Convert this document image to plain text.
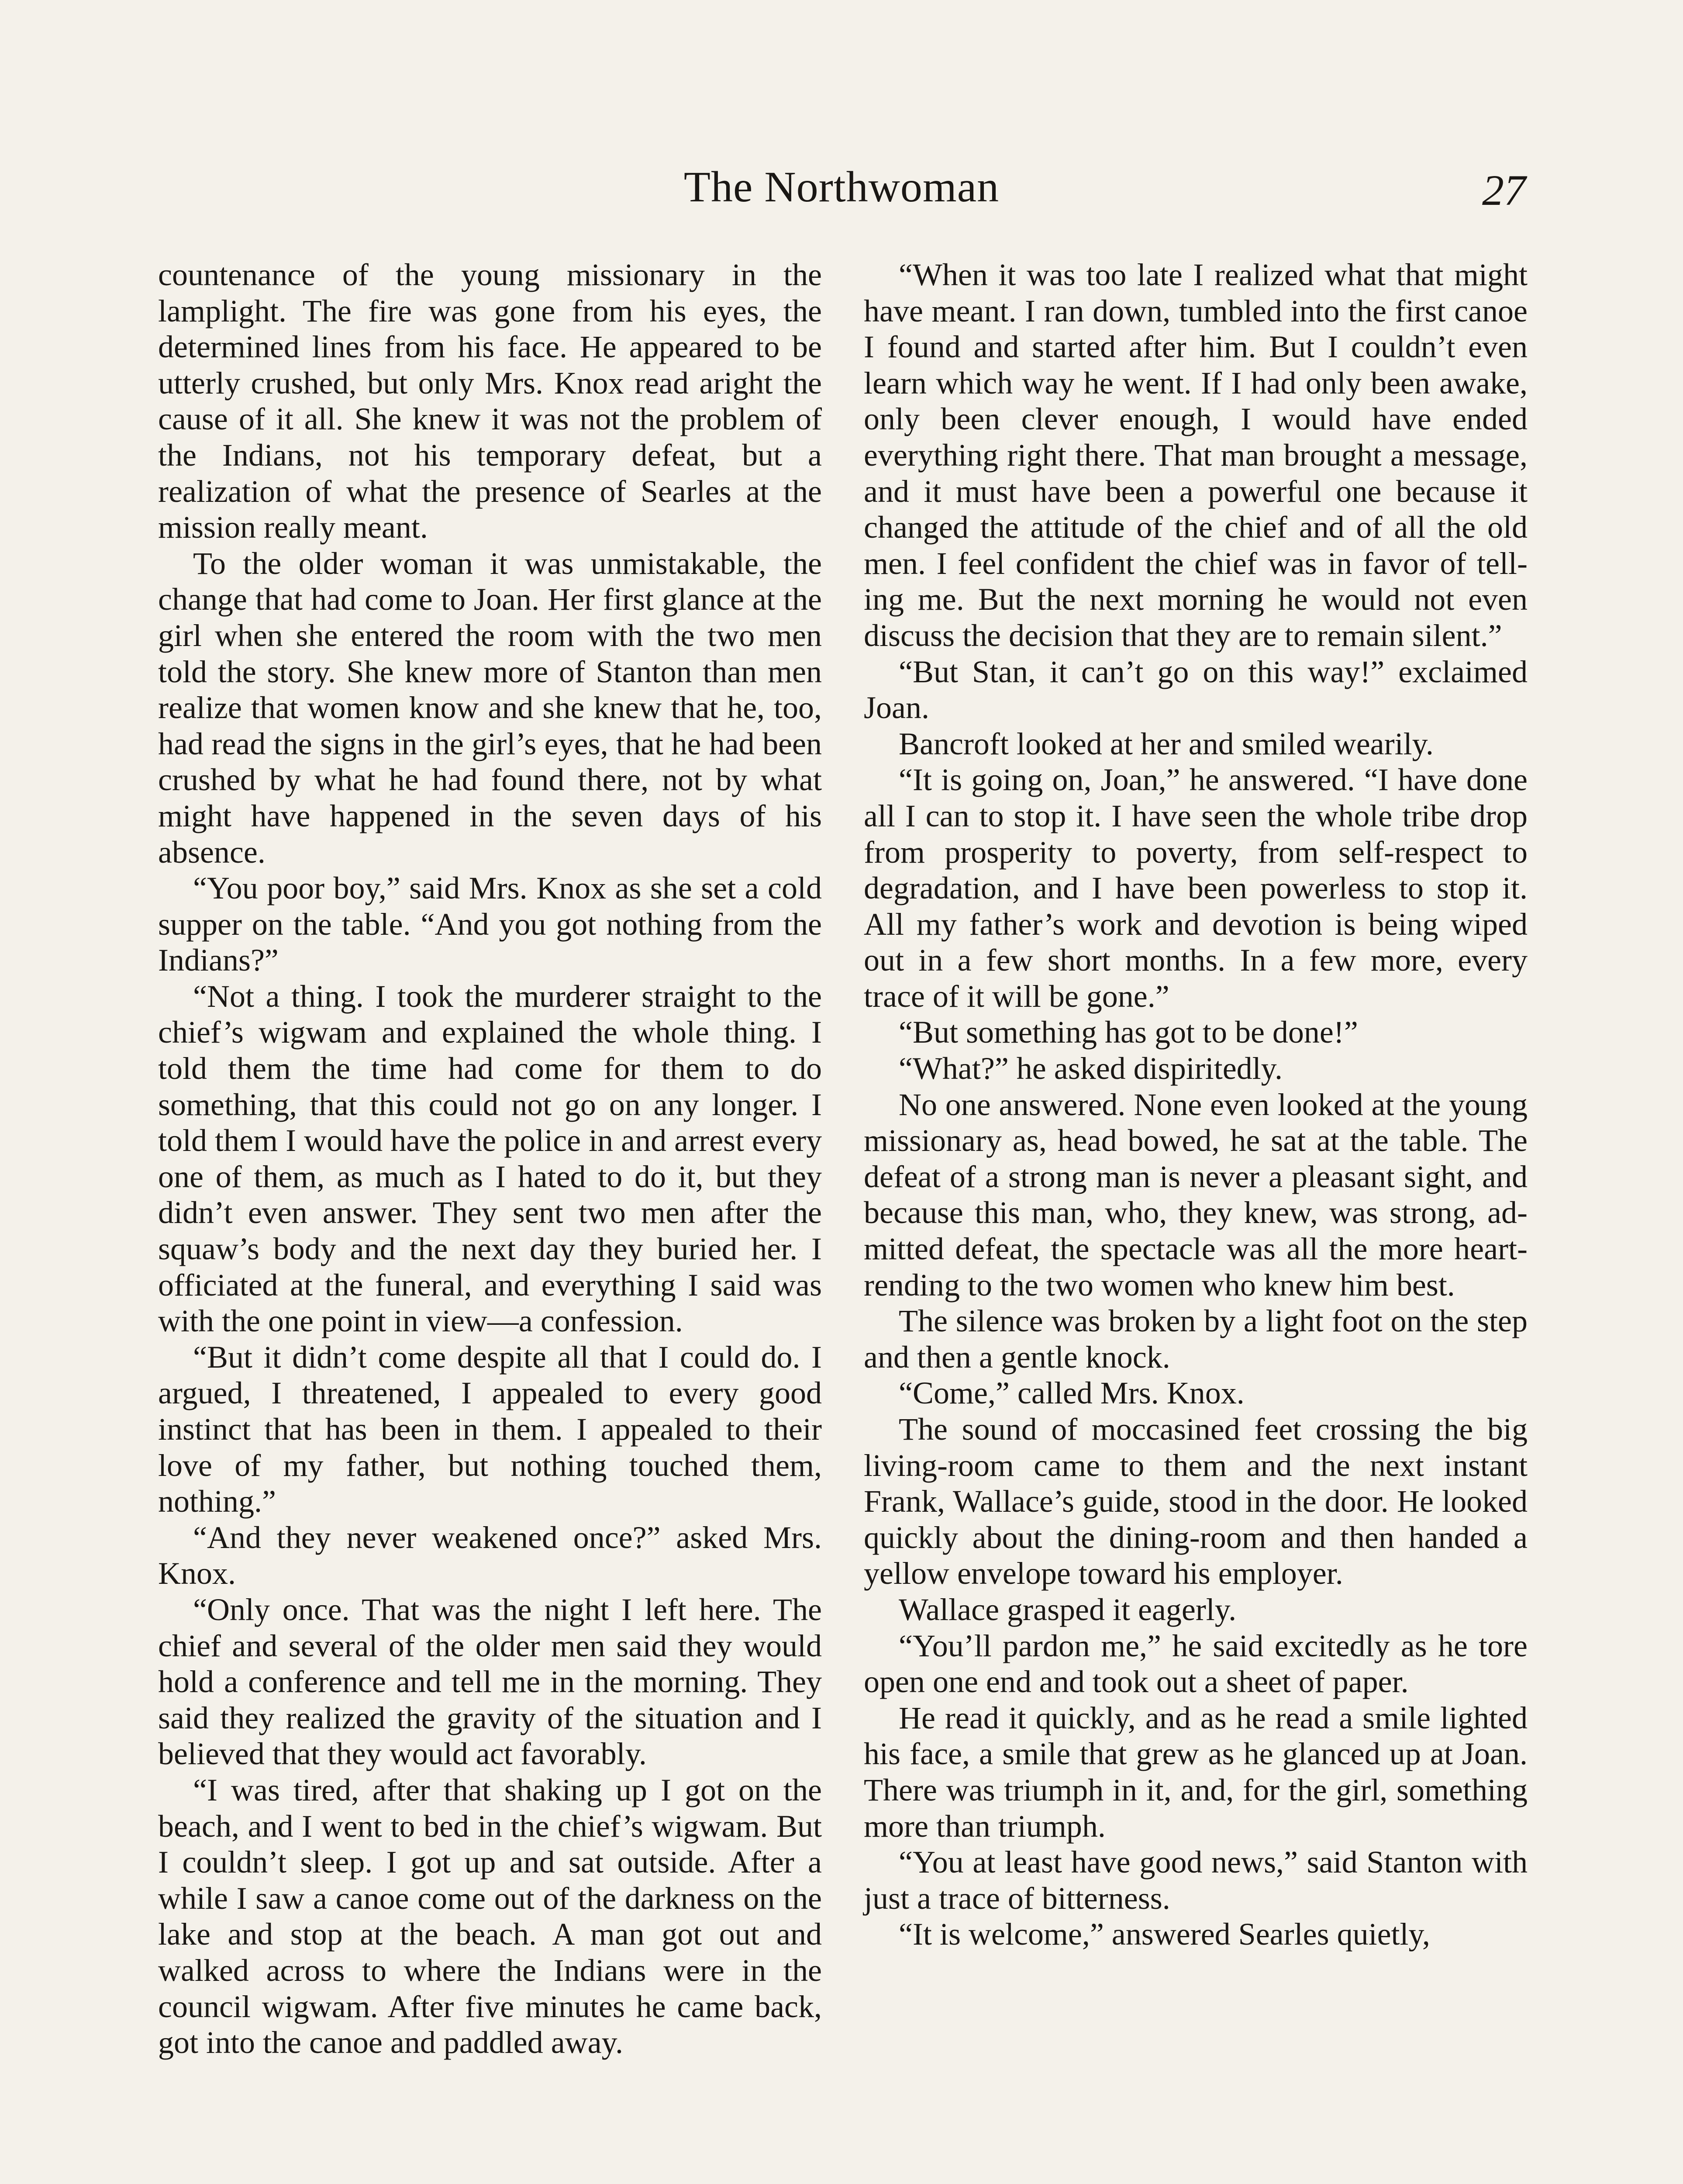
The Northwoman	27

countenance of the young missionary in the lamplight. The fire was gone from his eyes, the determined lines from his face. He appeared to be utterly crushed, but only Mrs. Knox read aright the cause of it all. She knew it was not the problem of the Indians, not his temporary defeat, but a realization of what the presence of Searles at the mission really meant.

To the older woman it was unmistakable, the change that had come to Joan. Her first glance at the girl when she entered the room with the two men told the story. She knew more of Stanton than men realize that women know and she knew that he, too, had read the signs in the girl’s eyes, that he had been crushed by what he had found there, not by what might have happened in the seven days of his absence.

“You poor boy,” said Mrs. Knox as she set a cold supper on the table. “And you got nothing from the Indians?”

“Not a thing. I took the murderer straight to the chief’s wigwam and explained the whole thing. I told them the time had come for them to do something, that this could not go on any longer. I told them I would have the police in and arrest every one of them, as much as I hated to do it, but they didn’t even answer. They sent two men after the squaw’s body and the next day they buried her. I officiated at the funeral, and everything I said was with the one point in view—a confession.

“But it didn’t come despite all that I could do. I argued, I threatened, I appealed to every good instinct that has been in them. I appealed to their love of my father, but nothing touched them, nothing.”

“And they never weakened once?” asked Mrs. Knox.

“Only once. That was the night I left here. The chief and several of the older men said they would hold a conference and tell me in the morning. They said they realized the gravity of the situation and I believed that they would act favorably.

“I was tired, after that shaking up I got on the beach, and I went to bed in the chief’s wigwam. But I couldn’t sleep. I got up and sat outside. After a while I saw a canoe come out of the darkness on the lake and stop at the beach. A man got out and walked across to where the Indians were in the council wigwam. After five minutes he came back, got into the canoe and paddled away.

“When it was too late I realized what that might have meant. I ran down, tumbled into the first canoe I found and started after him. But I couldn’t even learn which way he went. If I had only been awake, only been clever enough, I would have ended everything right there. That man brought a message, and it must have been a powerful one because it changed the attitude of the chief and of all the old men. I feel confident the chief was in favor of telling me. But the next morning he would not even discuss the decision that they are to remain silent.”

“But Stan, it can’t go on this way!” exclaimed Joan.

Bancroft looked at her and smiled wearily.

“It is going on, Joan,” he answered. “I have done all I can to stop it. I have seen the whole tribe drop from prosperity to poverty, from self-respect to degradation, and I have been powerless to stop it. All my father’s work and devotion is being wiped out in a few short months. In a few more, every trace of it will be gone.”

“But something has got to be done!”

“What?” he asked dispiritedly.

No one answered. None even looked at the young missionary as, head bowed, he sat at the table. The defeat of a strong man is never a pleasant sight, and because this man, who, they knew, was strong, admitted defeat, the spectacle was all the more heart-rending to the two women who knew him best.

The silence was broken by a light foot on the step and then a gentle knock.

“Come,” called Mrs. Knox.

The sound of moccasined feet crossing the big living-room came to them and the next instant Frank, Wallace’s guide, stood in the door. He looked quickly about the dining-room and then handed a yellow envelope toward his employer.

Wallace grasped it eagerly.

“You’ll pardon me,” he said excitedly as he tore open one end and took out a sheet of paper.

He read it quickly, and as he read a smile lighted his face, a smile that grew as he glanced up at Joan. There was triumph in it, and, for the girl, something more than triumph.

“You at least have good news,” said Stanton with just a trace of bitterness.

“It is welcome,” answered Searles quietly,
